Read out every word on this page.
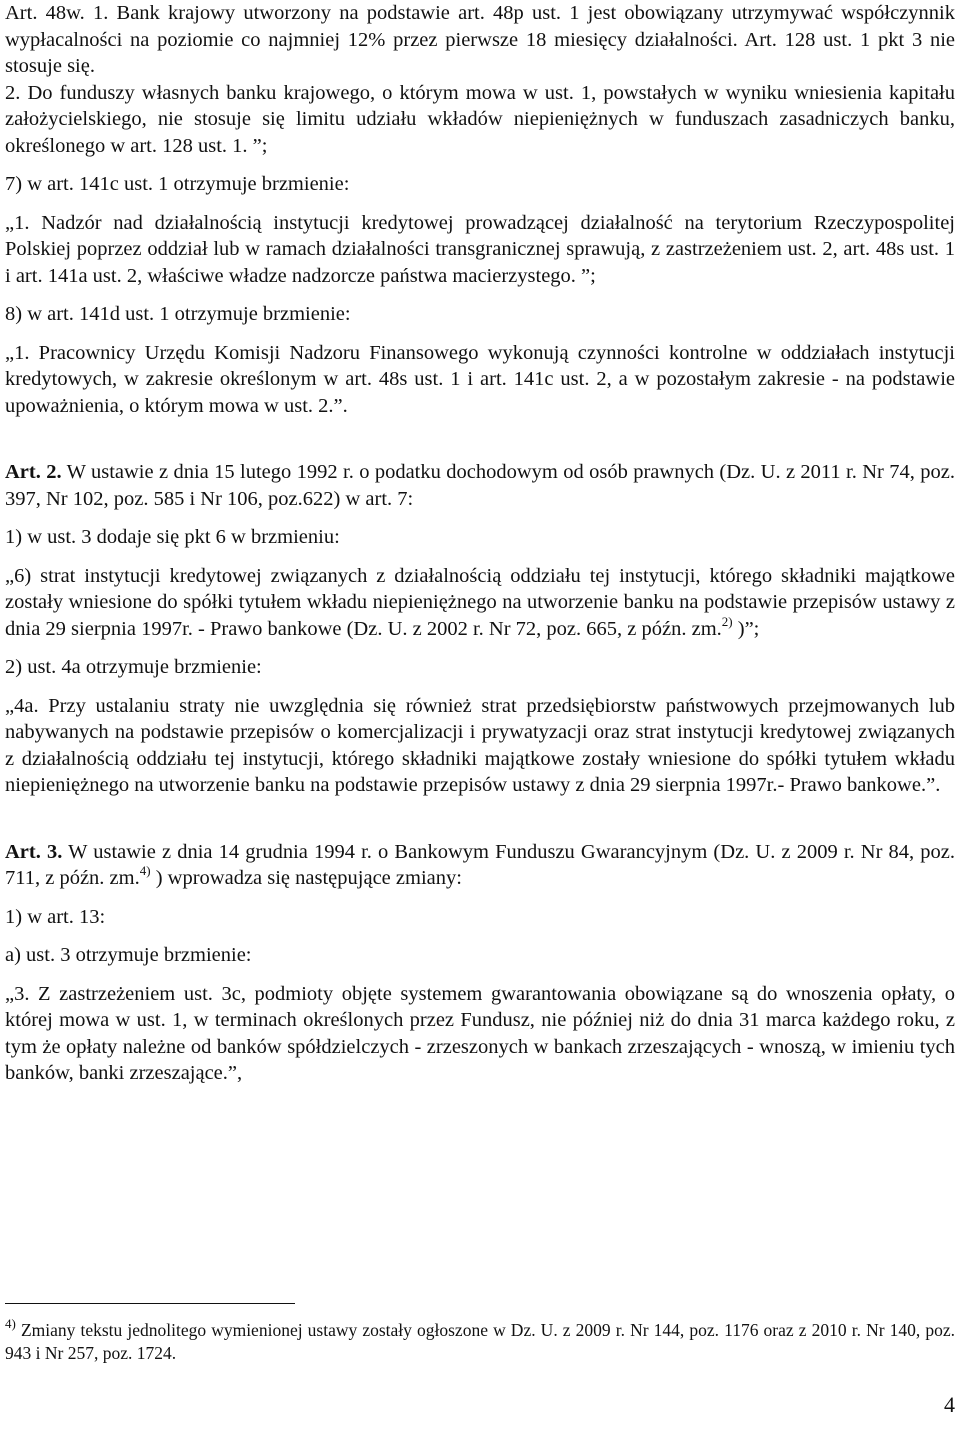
Art. 48w. 1. Bank krajowy utworzony na podstawie art. 48p ust. 1 jest obowiązany utrzymywać współczynnik wypłacalności na poziomie co najmniej 12% przez pierwsze 18 miesięcy działalności. Art. 128 ust. 1 pkt 3 nie stosuje się.

2. Do funduszy własnych banku krajowego, o którym mowa w ust. 1, powstałych w wyniku wniesienia kapitału założycielskiego, nie stosuje się limitu udziału wkładów niepieniężnych w funduszach zasadniczych banku, określonego w art. 128 ust. 1. ”;

7) w art. 141c ust. 1 otrzymuje brzmienie:

„1. Nadzór nad działalnością instytucji kredytowej prowadzącej działalność na terytorium Rzeczypospolitej Polskiej poprzez oddział lub w ramach działalności transgranicznej sprawują, z zastrzeżeniem ust. 2, art. 48s ust. 1 i art. 141a ust. 2, właściwe władze nadzorcze państwa macierzystego. ”;

8) w art. 141d ust. 1 otrzymuje brzmienie:

„1. Pracownicy Urzędu Komisji Nadzoru Finansowego wykonują czynności kontrolne w oddziałach instytucji kredytowych, w zakresie określonym w art. 48s ust. 1 i art. 141c ust. 2, a w pozostałym zakresie - na podstawie upoważnienia, o którym mowa w ust. 2.”.

Art. 2. W ustawie z dnia 15 lutego 1992 r. o podatku dochodowym od osób prawnych (Dz. U. z 2011 r. Nr 74, poz. 397, Nr 102, poz. 585 i Nr 106, poz.622) w art. 7:

1) w ust. 3 dodaje się pkt 6 w brzmieniu:

„6) strat instytucji kredytowej związanych z działalnością oddziału tej instytucji, którego składniki majątkowe zostały wniesione do spółki tytułem wkładu niepieniężnego na utworzenie banku na podstawie przepisów ustawy z dnia 29 sierpnia 1997r. - Prawo bankowe (Dz. U. z 2002 r. Nr 72, poz. 665, z późn. zm.$^{2)}$ )”;

2) ust. 4a otrzymuje brzmienie:

„4a. Przy ustalaniu straty nie uwzględnia się również strat przedsiębiorstw państwowych przejmowanych lub nabywanych na podstawie przepisów o komercjalizacji i prywatyzacji oraz strat instytucji kredytowej związanych z działalnością oddziału tej instytucji, którego składniki majątkowe zostały wniesione do spółki tytułem wkładu niepieniężnego na utworzenie banku na podstawie przepisów ustawy z dnia 29 sierpnia 1997r.- Prawo bankowe.”.

Art. 3. W ustawie z dnia 14 grudnia 1994 r. o Bankowym Funduszu Gwarancyjnym (Dz. U. z 2009 r. Nr 84, poz. 711, z późn. zm.$^{4)}$ ) wprowadza się następujące zmiany:

1) w art. 13:

a) ust. 3 otrzymuje brzmienie:

„3. Z zastrzeżeniem ust. 3c, podmioty objęte systemem gwarantowania obowiązane są do wnoszenia opłaty, o której mowa w ust. 1, w terminach określonych przez Fundusz, nie później niż do dnia 31 marca każdego roku, z tym że opłaty należne od banków spółdzielczych - zrzeszonych w bankach zrzeszających - wnoszą, w imieniu tych banków, banki zrzeszające.”,

$^{4)}$ Zmiany tekstu jednolitego wymienionej ustawy zostały ogłoszone w Dz. U. z 2009 r. Nr 144, poz. 1176 oraz z 2010 r. Nr 140, poz. 943 i Nr 257, poz. 1724.

4
